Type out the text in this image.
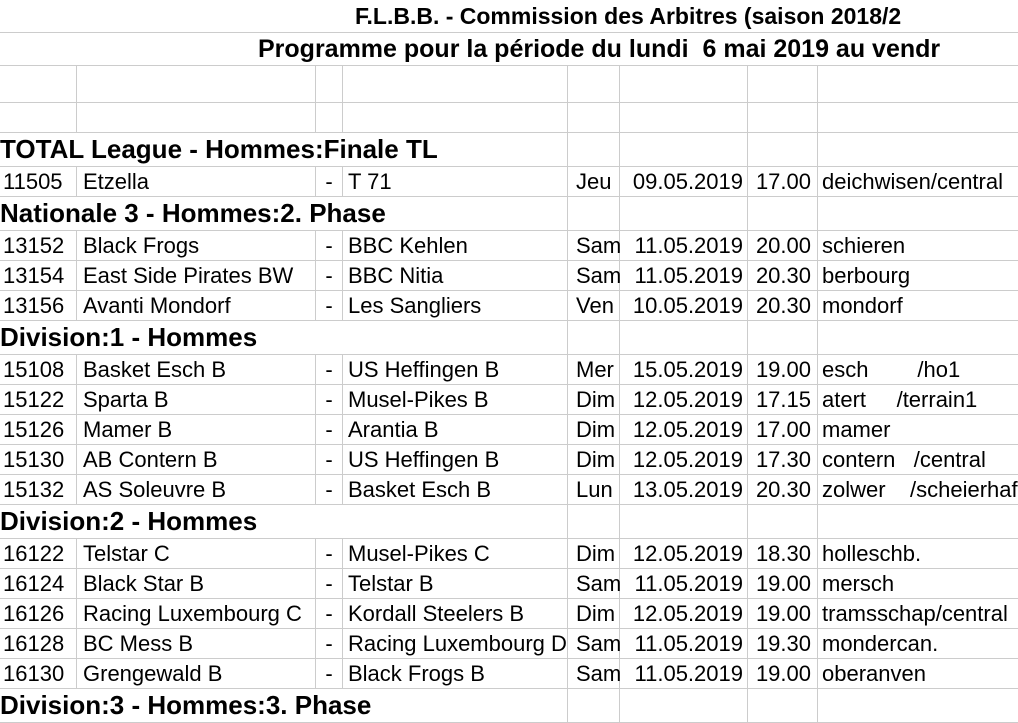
F.L.B.B. - Commission des Arbitres (saison 2018/2
Programme pour la période du lundi  6 mai 2019 au vendr
TOTAL League - Hommes:Finale TL
11505 Etzella	- T 71	Jeu 09.05.2019 17.00 deichwisen/central
Nationale 3 - Hommes:2. Phase
13152 Black Frogs	- BBC Kehlen	Sam 11.05.2019 20.00 schieren
13154 East Side Pirates BW	- BBC Nitia	Sam 11.05.2019 20.30 berbourg
13156 Avanti Mondorf	- Les Sangliers	Ven 10.05.2019 20.30 mondorf
Division:1 - Hommes
15108 Basket Esch B	- US Heffingen B	Mer 15.05.2019 19.00 esch        /ho1
15122 Sparta B	- Musel-Pikes B	Dim 12.05.2019 17.15 atert     /terrain1
15126 Mamer B	- Arantia B	Dim 12.05.2019 17.00 mamer
15130 AB Contern B	- US Heffingen B	Dim 12.05.2019 17.30 contern   /central
15132 AS Soleuvre B	- Basket Esch B	Lun 13.05.2019 20.30 zolwer    /scheierhaf
Division:2 - Hommes
16122 Telstar C	- Musel-Pikes C	Dim 12.05.2019 18.30 holleschb.
16124 Black Star B	- Telstar B	Sam 11.05.2019 19.00 mersch
16126 Racing Luxembourg C	- Kordall Steelers B	Dim 12.05.2019 19.00 tramsschap/central
16128 BC Mess B	- Racing Luxembourg D Sam 11.05.2019 19.30 mondercan.
16130 Grengewald B	- Black Frogs B	Sam 11.05.2019 19.00 oberanven
Division:3 - Hommes:3. Phase
